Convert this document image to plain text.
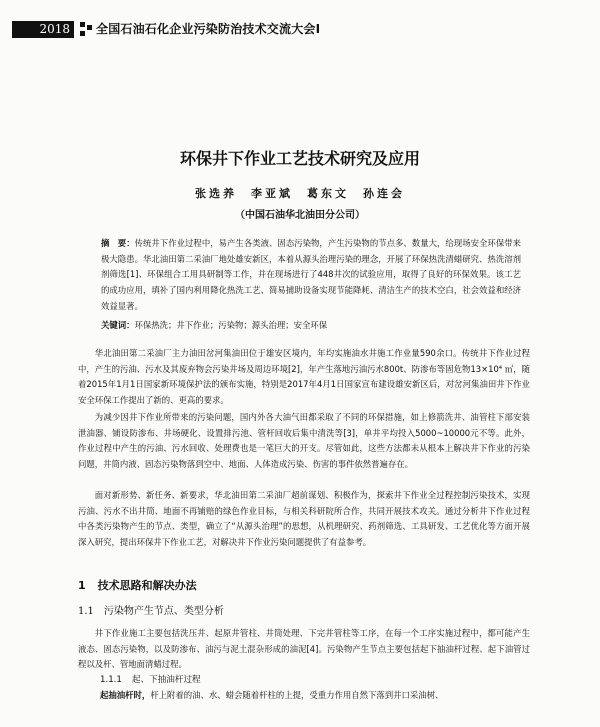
2018	全国石油石化企业污染防治技术交流大会Ⅰ
环保井下作业工艺技术研究及应用
张选养　李亚斌　葛东文　孙连会
（中国石油华北油田分公司）
摘　要：传统井下作业过程中，易产生各类液、固态污染物，产生污染物的节点多、数量大，给现场安全环保带来极大隐患。华北油田第二采油厂地处雄安新区，本着从源头治理污染的理念，开展了环保热洗清蜡研究、热洗溶剂剂筛选[1]、环保组合工用具研制等工作，并在现场进行了448井次的试验应用，取得了良好的环保效果。该工艺的成功应用，填补了国内利用降化热洗工艺、简易捕助设备实现节能降耗、清洁生产的技术空白，社会效益和经济效益显著。
关键词：环保热洗；井下作业；污染物；源头治理；安全环保

华北油田第二采油厂主力油田岔河集油田位于雄安区境内，年均实施油水井施工作业量590余口。传统井下作业过程中，产生的污油、污水及其废弃物会污染井场及周边环境[2]，年产生落地污油污水800t、防渗布等固危物13×10⁴ ㎡，随着2015年1月1日国家新环境保护法的颁布实施，特别是2017年4月1日国家宣布建设雄安新区后，对岔河集油田井下作业安全环保工作提出了新的、更高的要求。

为减少因井下作业所带来的污染问题，国内外各大油气田都采取了不同的环保措施，如上修箭洗井、油管柱下部安装泄油器、铺设防渗布、井场硬化、设置排污池、管杆回收后集中清洗等[3]，单井平均投入5000~10000元不等。此外，作业过程中产生的污油、污水回收、处理费也是一笔巨大的开支。尽管如此，这些方法都未从根本上解决井下作业的污染问题，井筒内液、固态污染物落到空中、地面、人体造成污染、伤害的事件依然普遍存在。

面对新形势、新任务、新要求，华北油田第二采油厂超前谋划、积极作为，探索井下作业全过程控制污染技术，实现污油、污水不出井筒、地面不再铺赔的绿色作业目标，与相关科研院所合作，共同开展技术攻关。通过分析井下作业过程中各类污染物产生的节点、类型，确立了“从源头治理”的思想，从机理研究、药剂筛选、工具研发、工艺优化等方面开展深入研究，提出环保井下作业工艺，对解决井下作业污染问题提供了有益参考。

1 技术思路和解决办法
1.1 污染物产生节点、类型分析

井下作业施工主要包括洗压井、起原井管柱、井筒处理、下完井管柱等工序，在每一个工序实施过程中，都可能产生液态、固态污染物，以及防渗布、油污与泥土混杂形成的油泥[4]。污染物产生节点主要包括起下抽油杆过程、起下油管过程以及杆、管地面清蜡过程。

1.1.1 起、下抽油杆过程
起抽油杆时，杆上附着的油、水、蜡会随着杆柱的上提，受重力作用自然下落到井口采油树、
